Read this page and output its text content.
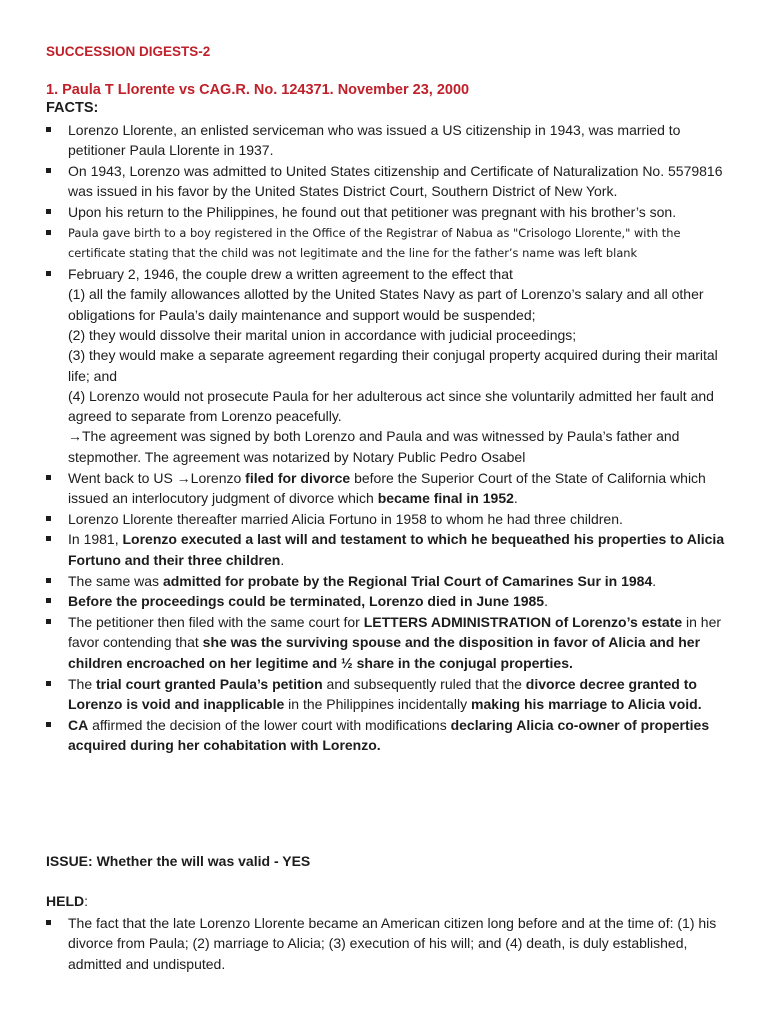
SUCCESSION DIGESTS-2
1. Paula T Llorente vs CAG.R. No. 124371. November 23, 2000
FACTS:
Lorenzo Llorente, an enlisted serviceman who was issued a US citizenship in 1943, was married to petitioner Paula Llorente in 1937.
On 1943, Lorenzo was admitted to United States citizenship and Certificate of Naturalization No. 5579816 was issued in his favor by the United States District Court, Southern District of New York.
Upon his return to the Philippines, he found out that petitioner was pregnant with his brother’s son.
Paula gave birth to a boy registered in the Office of the Registrar of Nabua as "Crisologo Llorente," with the certificate stating that the child was not legitimate and the line for the father’s name was left blank
February 2, 1946, the couple drew a written agreement to the effect that
(1) all the family allowances allotted by the United States Navy as part of Lorenzo’s salary and all other obligations for Paula’s daily maintenance and support would be suspended;
(2) they would dissolve their marital union in accordance with judicial proceedings;
(3) they would make a separate agreement regarding their conjugal property acquired during their marital life; and
(4) Lorenzo would not prosecute Paula for her adulterous act since she voluntarily admitted her fault and agreed to separate from Lorenzo peacefully.
→The agreement was signed by both Lorenzo and Paula and was witnessed by Paula’s father and stepmother. The agreement was notarized by Notary Public Pedro Osabel
Went back to US →Lorenzo filed for divorce before the Superior Court of the State of California which issued an interlocutory judgment of divorce which became final in 1952.
Lorenzo Llorente thereafter married Alicia Fortuno in 1958 to whom he had three children.
In 1981, Lorenzo executed a last will and testament to which he bequeathed his properties to Alicia Fortuno and their three children.
The same was admitted for probate by the Regional Trial Court of Camarines Sur in 1984.
Before the proceedings could be terminated, Lorenzo died in June 1985.
The petitioner then filed with the same court for LETTERS ADMINISTRATION of Lorenzo’s estate in her favor contending that she was the surviving spouse and the disposition in favor of Alicia and her children encroached on her legitime and ½ share in the conjugal properties.
The trial court granted Paula’s petition and subsequently ruled that the divorce decree granted to Lorenzo is void and inapplicable in the Philippines incidentally making his marriage to Alicia void.
CA affirmed the decision of the lower court with modifications declaring Alicia co-owner of properties acquired during her cohabitation with Lorenzo.
ISSUE: Whether the will was valid - YES
HELD:
The fact that the late Lorenzo Llorente became an American citizen long before and at the time of: (1) his divorce from Paula; (2) marriage to Alicia; (3) execution of his will; and (4) death, is duly established, admitted and undisputed.
